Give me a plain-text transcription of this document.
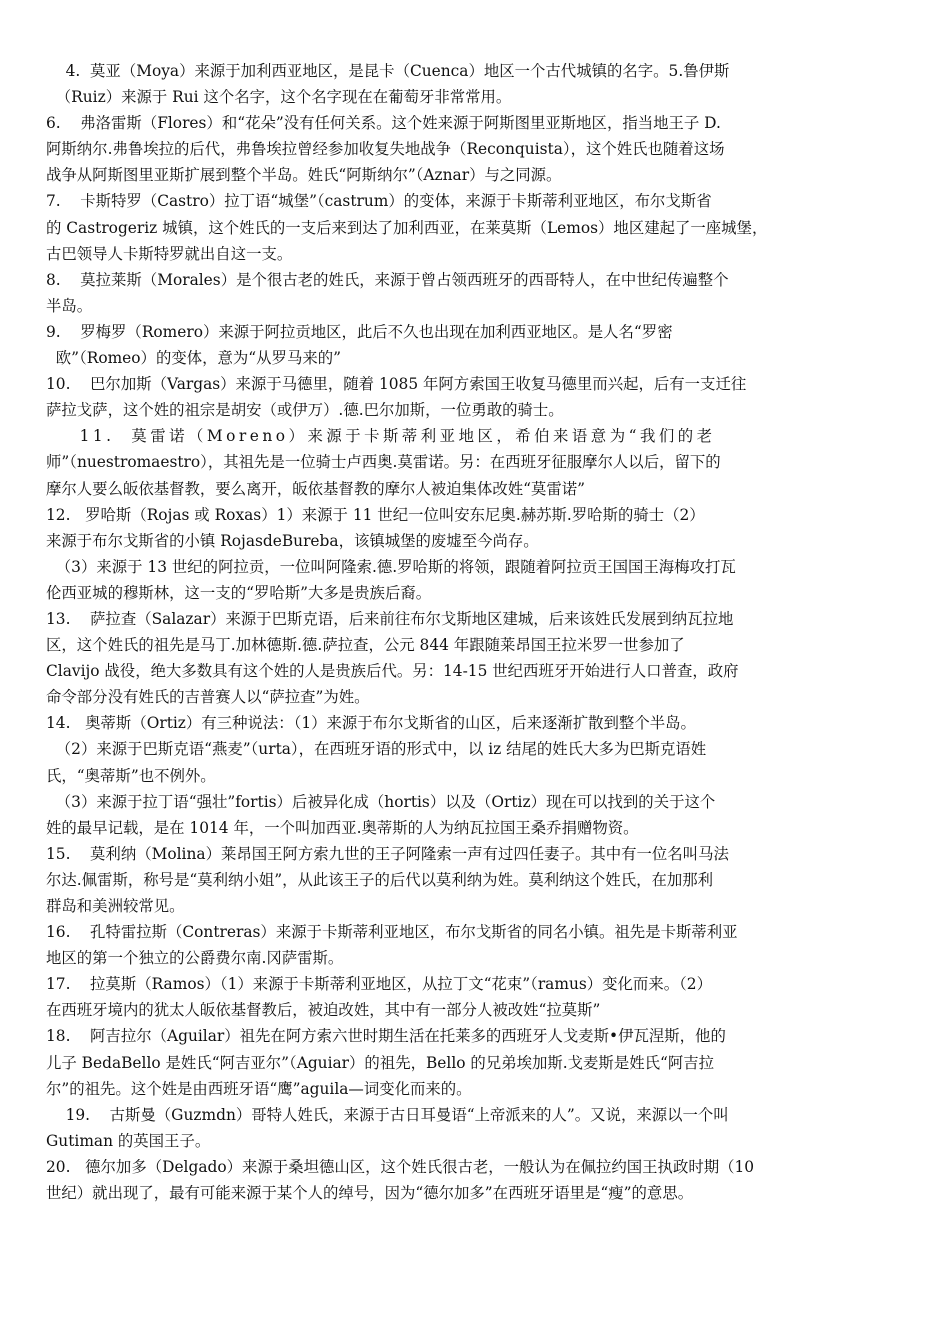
4.  莫亚（Moya）来源于加利西亚地区，是昆卡（Cuenca）地区一个古代城镇的名字。5.鲁伊斯
（Ruiz）来源于 Rui 这个名字，这个名字现在在葡萄牙非常常用。
6.    弗洛雷斯（Flores）和“花朵”没有任何关系。这个姓来源于阿斯图里亚斯地区，指当地王子 D.
阿斯纳尔.弗鲁埃拉的后代，弗鲁埃拉曾经参加收复失地战争（Reconquista），这个姓氏也随着这场
战争从阿斯图里亚斯扩展到整个半岛。姓氏“阿斯纳尔”（Aznar）与之同源。
7.    卡斯特罗（Castro）拉丁语“城堡”（castrum）的变体，来源于卡斯蒂利亚地区，布尔戈斯省
的 Castrogeriz 城镇，这个姓氏的一支后来到达了加利西亚，在莱莫斯（Lemos）地区建起了一座城堡，
古巴领导人卡斯特罗就出自这一支。
8.    莫拉莱斯（Morales）是个很古老的姓氏，来源于曾占领西班牙的西哥特人，在中世纪传遍整个
半岛。
9.    罗梅罗（Romero）来源于阿拉贡地区，此后不久也出现在加利西亚地区。是人名“罗密
欧”（Romeo）的变体，意为“从罗马来的”
10.    巴尔加斯（Vargas）来源于马德里，随着 1085 年阿方索国王收复马德里而兴起，后有一支迁往
萨拉戈萨，这个姓的祖宗是胡安（或伊万）.德.巴尔加斯，一位勇敢的骑士。
11.  莫雷诺（Moreno）来源于卡斯蒂利亚地区，希伯来语意为“我们的老
师”（nuestromaestro），其祖先是一位骑士卢西奥.莫雷诺。另：在西班牙征服摩尔人以后，留下的
摩尔人要么皈依基督教，要么离开，皈依基督教的摩尔人被迫集体改姓“莫雷诺”
12.   罗哈斯（Rojas 或 Roxas）1）来源于 11 世纪一位叫安东尼奥.赫苏斯.罗哈斯的骑士（2）
来源于布尔戈斯省的小镇 RojasdeBureba，该镇城堡的废墟至今尚存。
（3）来源于 13 世纪的阿拉贡，一位叫阿隆索.德.罗哈斯的将领，跟随着阿拉贡王国国王海梅攻打瓦
伦西亚城的穆斯林，这一支的“罗哈斯”大多是贵族后裔。
13.    萨拉查（Salazar）来源于巴斯克语，后来前往布尔戈斯地区建城，后来该姓氏发展到纳瓦拉地
区，这个姓氏的祖先是马丁.加林德斯.德.萨拉查，公元 844 年跟随莱昂国王拉米罗一世参加了
Clavijo 战役，绝大多数具有这个姓的人是贵族后代。另：14-15 世纪西班牙开始进行人口普查，政府
命令部分没有姓氏的吉普赛人以“萨拉查”为姓。
14.   奥蒂斯（Ortiz）有三种说法：（1）来源于布尔戈斯省的山区，后来逐渐扩散到整个半岛。
（2）来源于巴斯克语“燕麦”（urta），在西班牙语的形式中，以 iz 结尾的姓氏大多为巴斯克语姓
氏，“奥蒂斯”也不例外。
（3）来源于拉丁语“强壮”fortis）后被异化成（hortis）以及（Ortiz）现在可以找到的关于这个
姓的最早记载，是在 1014 年，一个叫加西亚.奥蒂斯的人为纳瓦拉国王桑乔捐赠物资。
15.    莫利纳（Molina）莱昂国王阿方索九世的王子阿隆索一声有过四任妻子。其中有一位名叫马法
尔达.佩雷斯，称号是“莫利纳小姐”，从此该王子的后代以莫利纳为姓。莫利纳这个姓氏，在加那利
群岛和美洲较常见。
16.    孔特雷拉斯（Contreras）来源于卡斯蒂利亚地区，布尔戈斯省的同名小镇。祖先是卡斯蒂利亚
地区的第一个独立的公爵费尔南.冈萨雷斯。
17.    拉莫斯（Ramos）（1）来源于卡斯蒂利亚地区，从拉丁文“花束”（ramus）变化而来。（2）
在西班牙境内的犹太人皈依基督教后，被迫改姓，其中有一部分人被改姓“拉莫斯”
18.    阿吉拉尔（Aguilar）祖先在阿方索六世时期生活在托莱多的西班牙人戈麦斯•伊瓦涅斯，他的
儿子 BedaBello 是姓氏“阿吉亚尔”（Aguiar）的祖先，Bello 的兄弟埃加斯.戈麦斯是姓氏“阿吉拉
尔”的祖先。这个姓是由西班牙语“鹰”aguila—词变化而来的。
19.    古斯曼（Guzmdn）哥特人姓氏，来源于古日耳曼语“上帝派来的人”。又说，来源以一个叫
Gutiman 的英国王子。
20.   德尔加多（Delgado）来源于桑坦德山区，这个姓氏很古老，一般认为在佩拉约国王执政时期（10
世纪）就出现了，最有可能来源于某个人的绰号，因为“德尔加多”在西班牙语里是“瘦”的意思。
